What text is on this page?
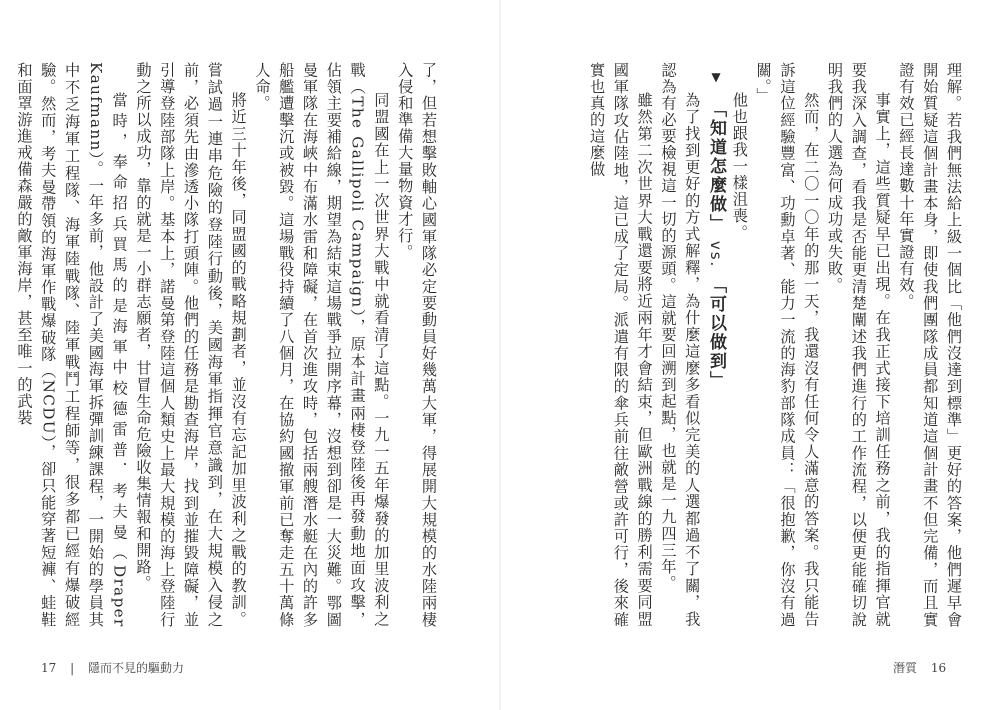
理解。若我們無法給上級一個比「他們沒達到標準」更好的答案，他們遲早會開始質疑這個計畫本身，即使我們團隊成員都知道這個計畫不但完備，而且實證有效已經長達數十年實證有效。
事實上，這些質疑早已出現。在我正式接下培訓任務之前，我的指揮官就要我深入調查，看我是否能更清楚闡述我們進行的工作流程，以便更能確切說明我們的人選為何成功或失敗。
然而，在二〇一〇年的那一天，我還沒有任何令人滿意的答案。我只能告訴這位經驗豐富、功勳卓著、能力一流的海豹部隊成員：「很抱歉，你沒有過關。」
他也跟我一樣沮喪。
▼ 「知道怎麼做」 vs. 「可以做到」
為了找到更好的方式解釋，為什麼這麼多看似完美的人選都過不了關，我認為有必要檢視這一切的源頭。這就要回溯到起點，也就是一九四三年。
雖然第二次世界大戰還要將近兩年才會結束，但歐洲戰線的勝利需要同盟國軍隊攻佔陸地，這已成了定局。派遣有限的傘兵前往敵營或許可行，後來確實也真的這麼做
了，但若想擊敗軸心國軍隊必定要動員好幾萬大軍，得展開大規模的水陸兩棲入侵和準備大量物資才行。
同盟國在上一次世界大戰中就看清了這點。一九一五年爆發的加里波利之戰（The Gallipoli Campaign），原本計畫兩棲登陸後再發動地面攻擊，佔領主要補給線，期望為結束這場戰爭拉開序幕，沒想到卻是一大災難。鄂圖曼軍隊在海峽中布滿水雷和障礙，在首次進攻時，包括兩艘潛水艇在內的許多船艦遭擊沉或被毀。這場戰役持續了八個月，在協約國撤軍前已奪走五十萬條人命。
將近三十年後，同盟國的戰略規劃者，並沒有忘記加里波利之戰的教訓。嘗試過一連串危險的登陸行動後，美國海軍指揮官意識到，在大規模入侵之前，必須先由滲透小隊打頭陣。他們的任務是勘查海岸，找到並摧毀障礙，並引導登陸部隊上岸。基本上，諾曼第登陸這個人類史上最大規模的海上登陸行動之所以成功，靠的就是一小群志願者，甘冒生命危險收集情報和開路。
當時，奉命招兵買馬的是海軍中校德雷普．考夫曼（Draper Kaufmann）。一年多前，他設計了美國海軍拆彈訓練課程，一開始的學員其中不乏海軍工程隊、海軍陸戰隊、陸軍戰鬥工程師等，很多都已經有爆破經驗。然而，考夫曼帶領的海軍作戰爆破隊（NCDU），卻只能穿著短褲、蛙鞋和面罩游進戒備森嚴的敵軍海岸，甚至唯一的武裝
17 | 隱而不見的驅動力	潛質 16
